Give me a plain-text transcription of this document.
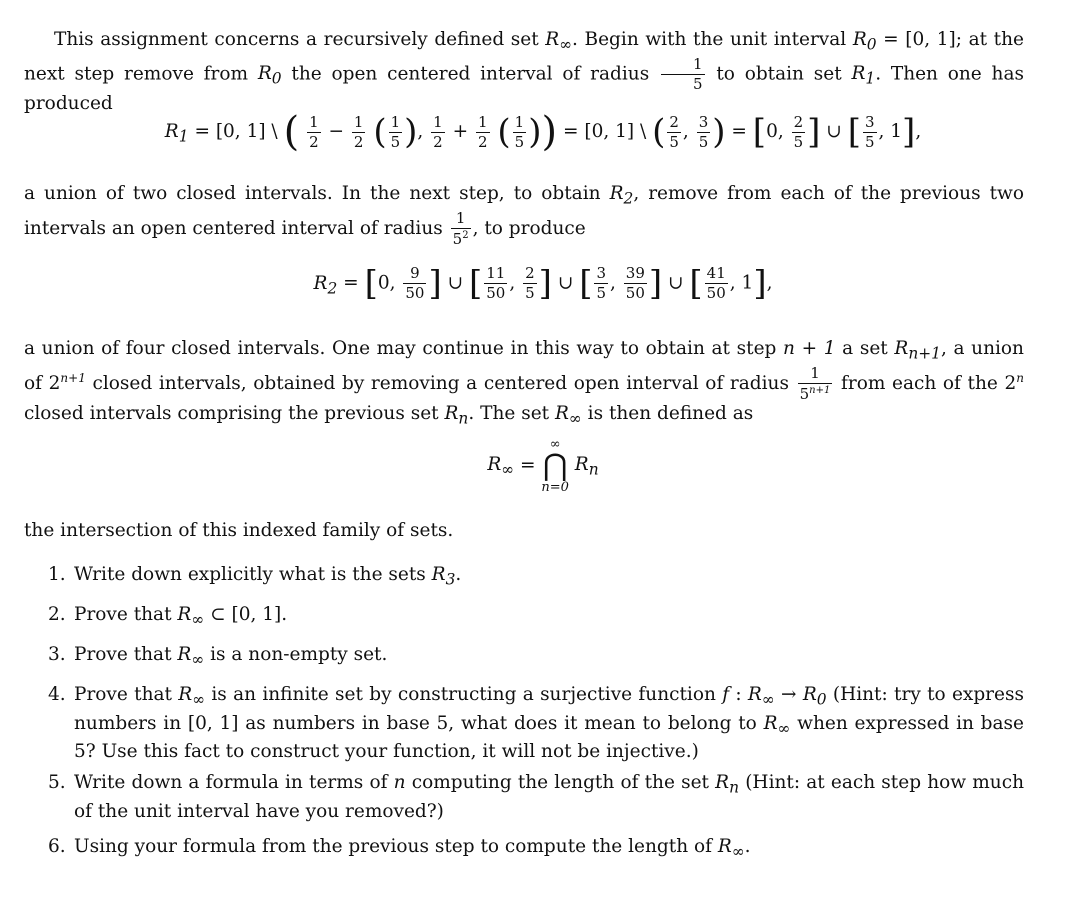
This assignment concerns a recursively defined set $R_\infty$. Begin with the unit interval $R_0 = [0$, 1]; at the next step remove from $R_0$ the open centered interval of radius $\frac{1}{5}$ to obtain set $R_1$. Then one has produced
$R_1 = [0$, 1] \ ( $\frac{1}{2} - \frac{1}{2}$ ( $\frac{1}{5}$ ), $\frac{1}{2} + \frac{1}{2}$ ( $\frac{1}{5}$ )) = [0, 1] \ ( $\frac{2}{5}$ , $\frac{3}{5}$ ) = [0, $\frac{2}{5}$ ] ∪ [ $\frac{3}{5}$ , 1],
a union of two closed intervals. In the next step, to obtain $R_2$, remove from each of the previous two intervals an open centered interval of radius $\frac{1}{5^2}$ , to produce
$R_2 = [0$, $\frac{9}{50}$ ] ∪ [ $\frac{11}{50}$ , $\frac{2}{5}$ ] ∪ [ $\frac{3}{5}$ , $\frac{39}{50}$ ] ∪ [ $\frac{41}{50}$ , 1],
a union of four closed intervals. One may continue in this way to obtain at step n + 1 a set $R_{n+1}$, a union of $2^{n+1}$ closed intervals, obtained by removing a centered open interval of radius $\frac{1}{5^{n+1}}$ from each of the 2$^n$ closed intervals comprising the previous set $R_n$. The set $R_\infty$ is then defined as
$R_\infty$ =
∞
⋂
n=0
$R_n$
the intersection of this indexed family of sets.
1. Write down explicitly what is the sets $R_3$.
2. Prove that $R_\infty$ ⊂ [0, 1].
3. Prove that $R_\infty$ is a non-empty set.
4. Prove that $R_\infty$ is an infinite set by constructing a surjective function f : $R_\infty \to R_0$ (Hint: try to express numbers in [0, 1] as numbers in base 5, what does it mean to belong to $R_\infty$ when expressed in base 5? Use this fact to construct your function, it will not be injective.)
5. Write down a formula in terms of n computing the length of the set $R_n$ (Hint: at each step how much of the unit interval have you removed?)
6. Using your formula from the previous step to compute the length of $R_\infty$.
